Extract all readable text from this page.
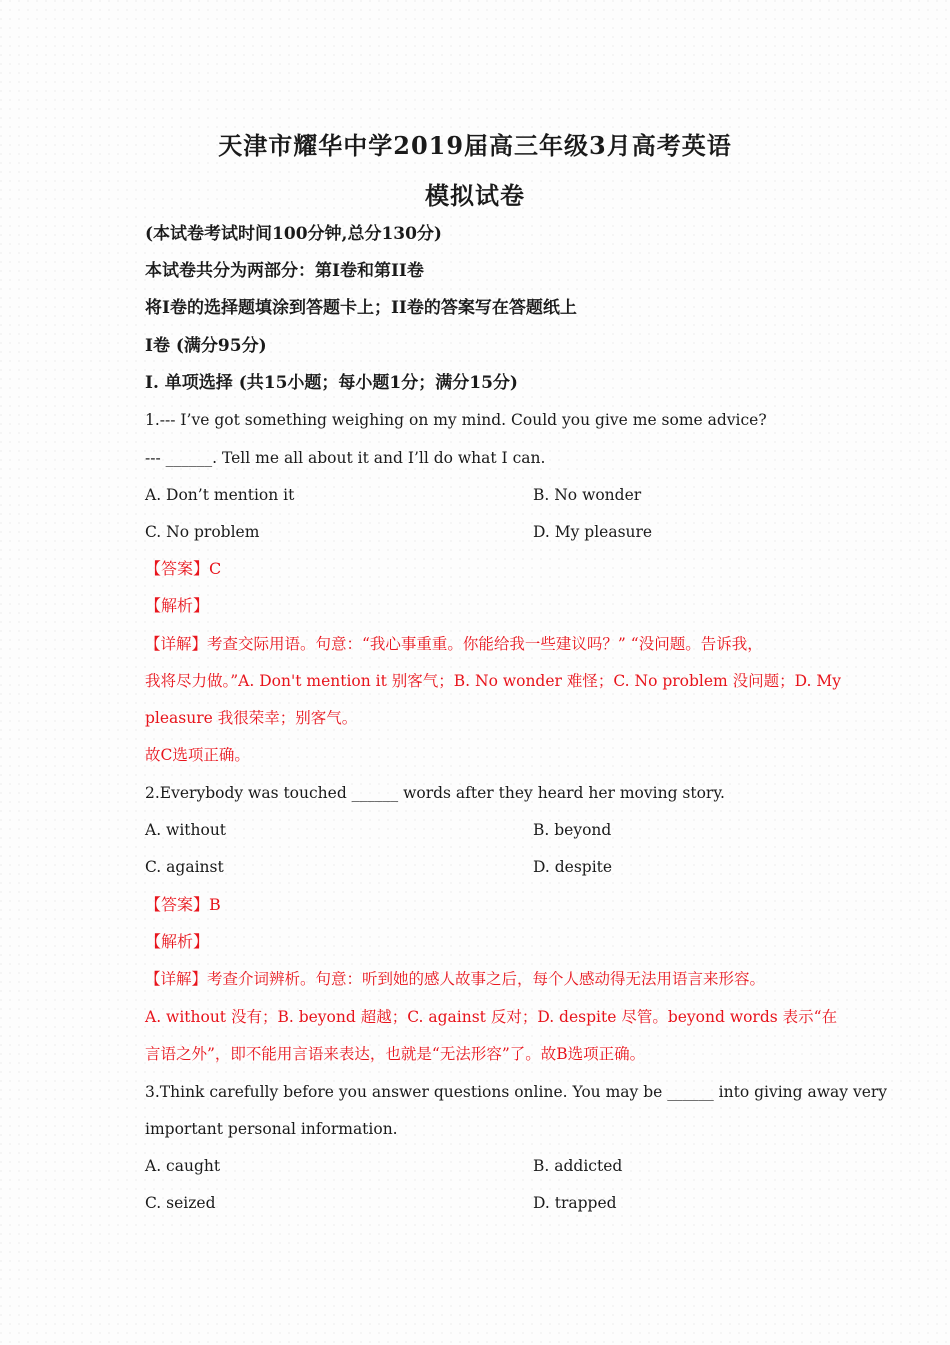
天津市耀华中学2019届高三年级3月高考英语
模拟试卷
(本试卷考试时间100分钟,总分130分)
本试卷共分为两部分：第I卷和第II卷
将I卷的选择题填涂到答题卡上；II卷的答案写在答题纸上
I卷 (满分95分)
I. 单项选择 (共15小题；每小题1分；满分15分)
1.--- I’ve got something weighing on my mind. Could you give me some advice?
--- ______. Tell me all about it and I’ll do what I can.
A. Don’t mention it	B. No wonder
C. No problem	D. My pleasure
【答案】C
【解析】
【详解】考查交际用语。句意：“我心事重重。你能给我一些建议吗？” “没问题。告诉我，
我将尽力做。”A. Don't mention it 别客气；B. No wonder 难怪；C. No problem 没问题；D. My
pleasure 我很荣幸；别客气。
故C选项正确。
2.Everybody was touched ______ words after they heard her moving story.
A. without	B. beyond
C. against	D. despite
【答案】B
【解析】
【详解】考查介词辨析。句意：听到她的感人故事之后，每个人感动得无法用语言来形容。
A. without 没有；B. beyond 超越；C. against 反对；D. despite 尽管。beyond words 表示“在
言语之外”，即不能用言语来表达，也就是“无法形容”了。故B选项正确。
3.Think carefully before you answer questions online. You may be ______ into giving away very
important personal information.
A. caught	B. addicted
C. seized	D. trapped
